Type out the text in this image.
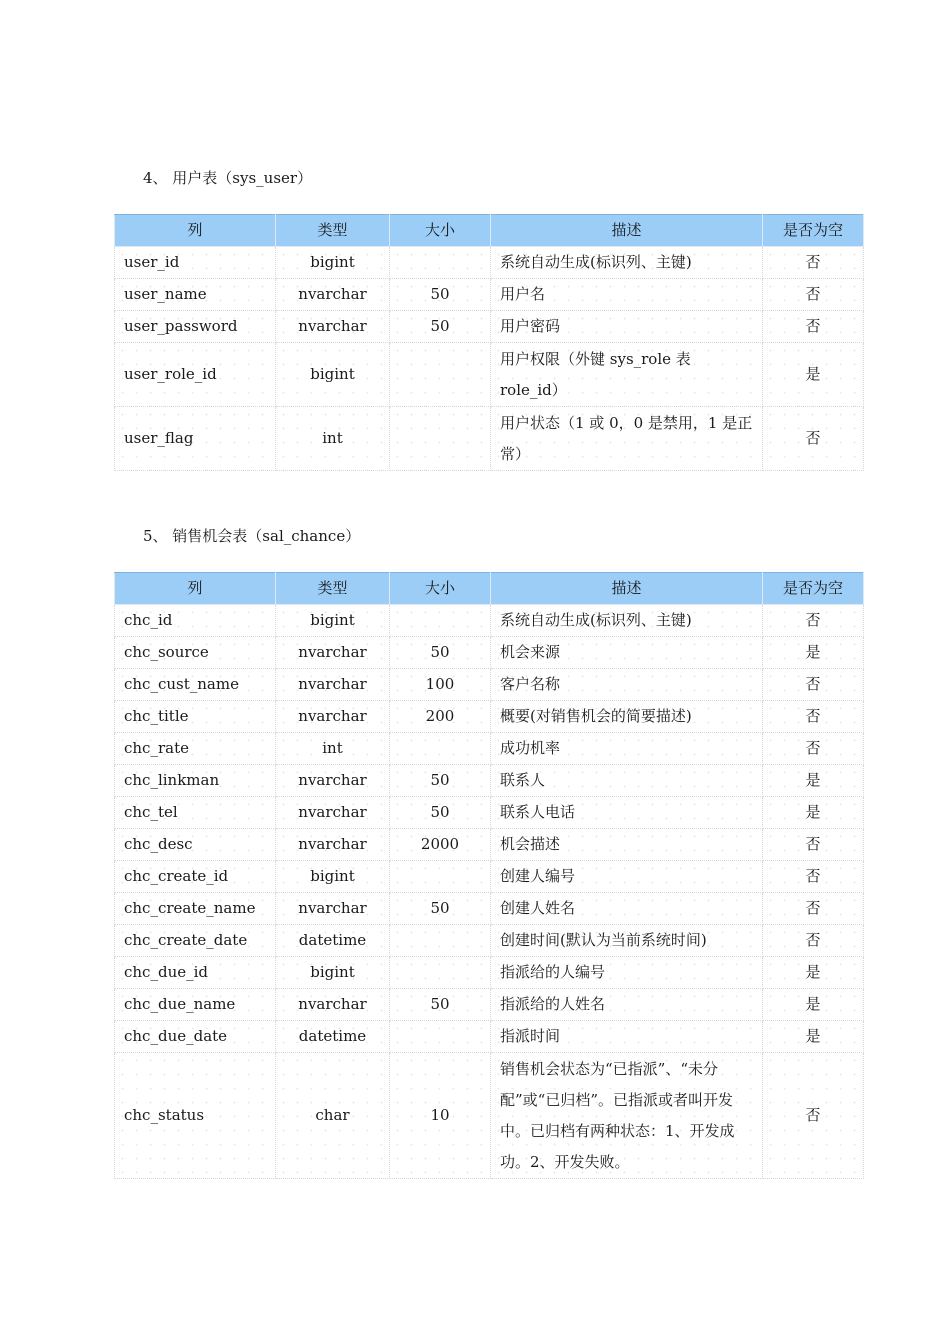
4、 用户表（sys_user）
列	类型	大小	描述	是否为空
user_id	bigint		系统自动生成(标识列、主键)	否
user_name	nvarchar	50	用户名	否
user_password	nvarchar	50	用户密码	否
user_role_id	bigint		用户权限（外键 sys_role 表 role_id）	是
user_flag	int		用户状态（1 或 0，0 是禁用，1 是正常）	否
5、 销售机会表（sal_chance）
列	类型	大小	描述	是否为空
chc_id	bigint		系统自动生成(标识列、主键)	否
chc_source	nvarchar	50	机会来源	是
chc_cust_name	nvarchar	100	客户名称	否
chc_title	nvarchar	200	概要(对销售机会的简要描述)	否
chc_rate	int		成功机率	否
chc_linkman	nvarchar	50	联系人	是
chc_tel	nvarchar	50	联系人电话	是
chc_desc	nvarchar	2000	机会描述	否
chc_create_id	bigint		创建人编号	否
chc_create_name	nvarchar	50	创建人姓名	否
chc_create_date	datetime		创建时间(默认为当前系统时间)	否
chc_due_id	bigint		指派给的人编号	是
chc_due_name	nvarchar	50	指派给的人姓名	是
chc_due_date	datetime		指派时间	是
chc_status	char	10	销售机会状态为“已指派”、“未分配”或“已归档”。已指派或者叫开发中。已归档有两种状态：1、开发成功。2、开发失败。	否
